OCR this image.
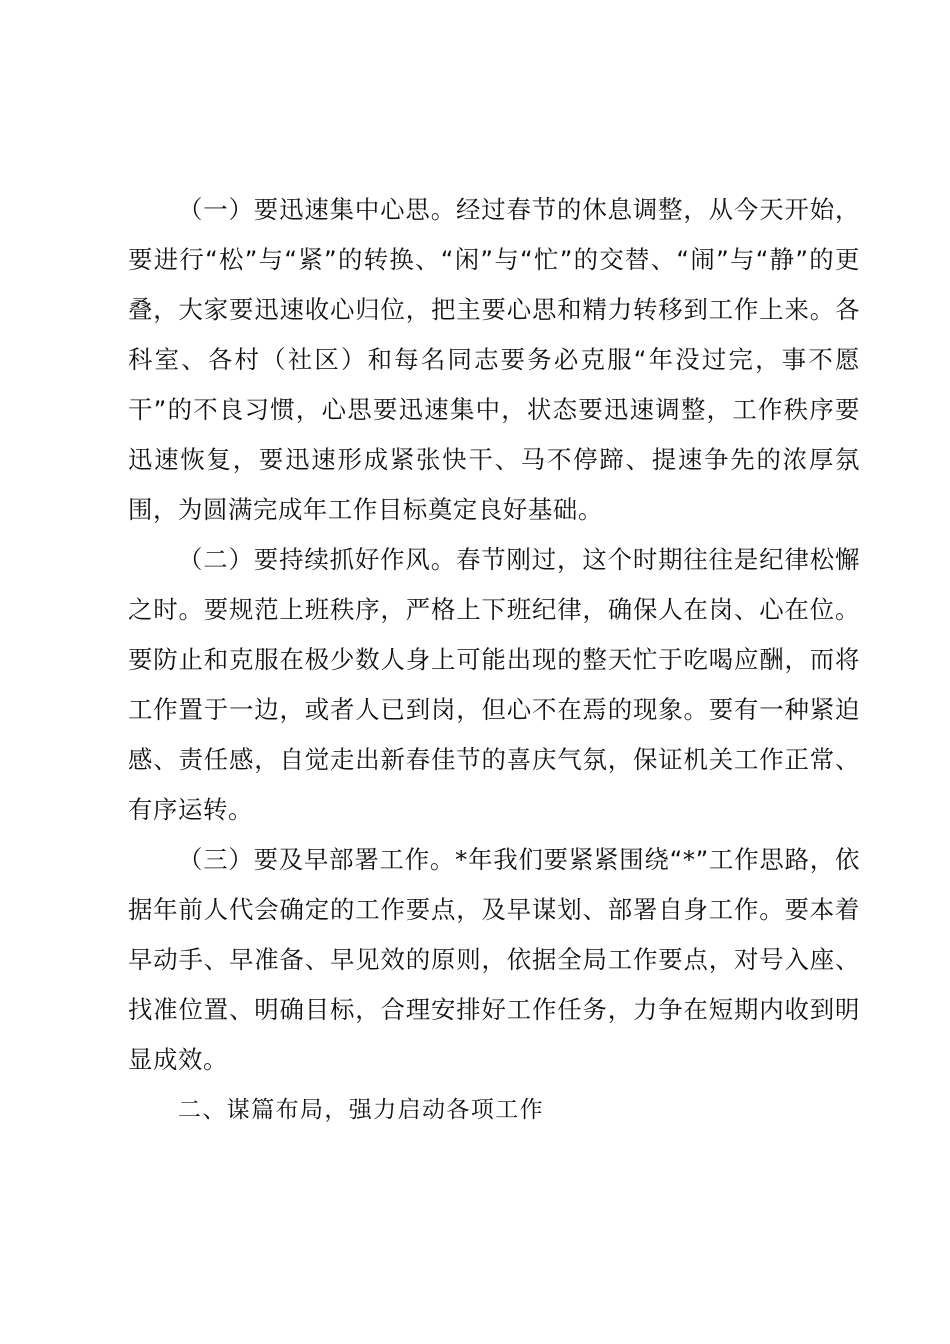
（一）要迅速集中心思。经过春节的休息调整，从今天开始，要进行“松”与“紧”的转换、“闲”与“忙”的交替、“闹”与“静”的更叠，大家要迅速收心归位，把主要心思和精力转移到工作上来。各科室、各村（社区）和每名同志要务必克服“年没过完，事不愿干”的不良习惯，心思要迅速集中，状态要迅速调整，工作秩序要迅速恢复，要迅速形成紧张快干、马不停蹄、提速争先的浓厚氛围，为圆满完成年工作目标奠定良好基础。

（二）要持续抓好作风。春节刚过，这个时期往往是纪律松懈之时。要规范上班秩序，严格上下班纪律，确保人在岗、心在位。要防止和克服在极少数人身上可能出现的整天忙于吃喝应酬，而将工作置于一边，或者人已到岗，但心不在焉的现象。要有一种紧迫感、责任感，自觉走出新春佳节的喜庆气氛，保证机关工作正常、有序运转。

（三）要及早部署工作。*年我们要紧紧围绕“*”工作思路，依据年前人代会确定的工作要点，及早谋划、部署自身工作。要本着早动手、早准备、早见效的原则，依据全局工作要点，对号入座、找准位置、明确目标，合理安排好工作任务，力争在短期内收到明显成效。

二、谋篇布局，强力启动各项工作
